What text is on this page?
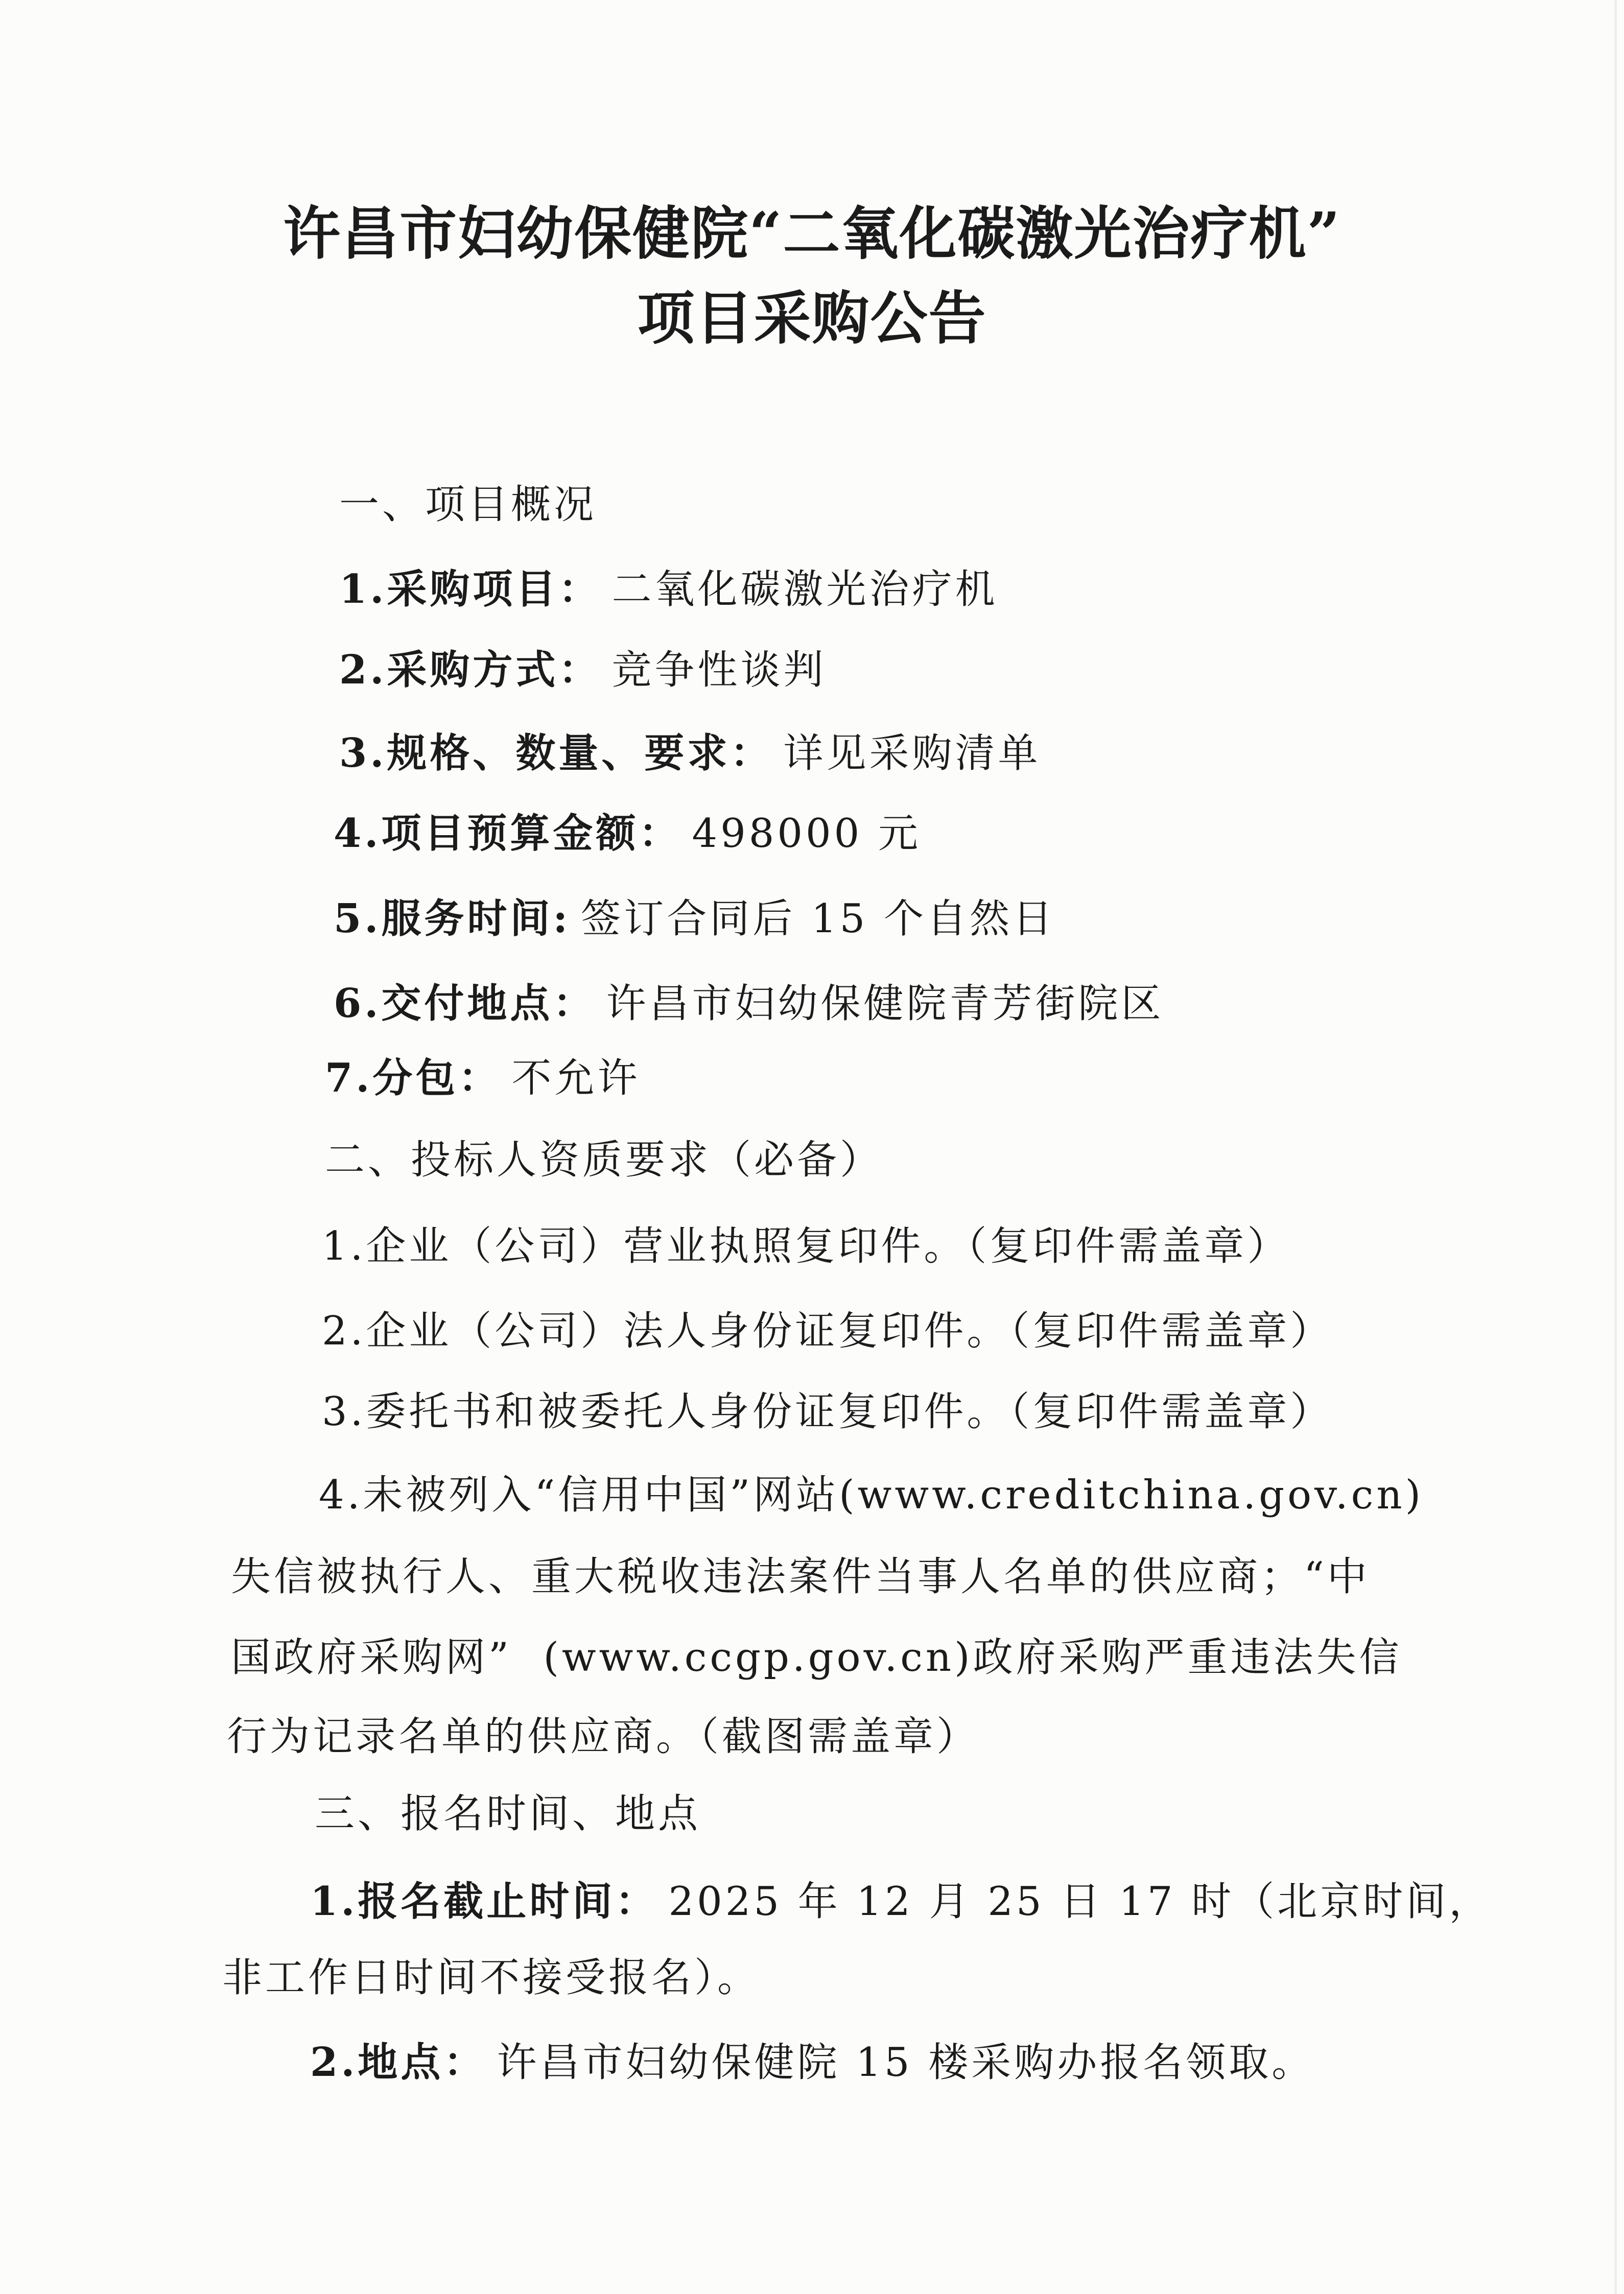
许昌市妇幼保健院“二氧化碳激光治疗机”
项目采购公告
一、项目概况
1.采购项目： 二氧化碳激光治疗机
2.采购方式： 竞争性谈判
3.规格、数量、要求： 详见采购清单
4.项目预算金额： 498000 元
5.服务时间: 签订合同后 15 个自然日
6.交付地点： 许昌市妇幼保健院青芳街院区
7.分包： 不允许
二、投标人资质要求（必备）
1.企业（公司）营业执照复印件。（复印件需盖章）
2.企业（公司）法人身份证复印件。（复印件需盖章）
3.委托书和被委托人身份证复印件。（复印件需盖章）
4.未被列入“信用中国”网站(www.creditchina.gov.cn)
失信被执行人、重大税收违法案件当事人名单的供应商；“中
国政府采购网”  (www.ccgp.gov.cn)政府采购严重违法失信
行为记录名单的供应商。（截图需盖章）
三、报名时间、地点
1.报名截止时间： 2025 年 12 月 25 日 17 时（北京时间，
非工作日时间不接受报名）。
2.地点： 许昌市妇幼保健院 15 楼采购办报名领取。
